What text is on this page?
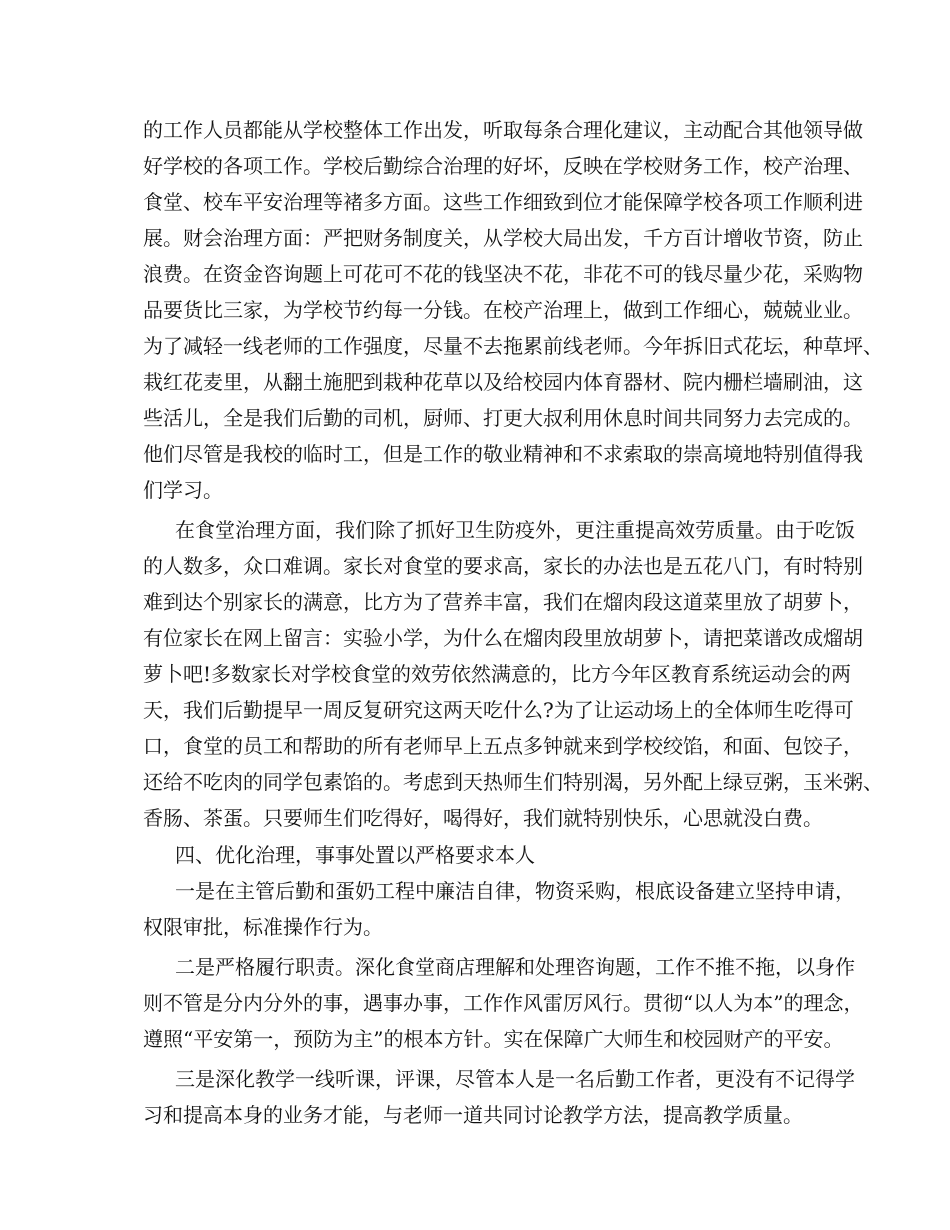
的工作人员都能从学校整体工作出发，听取每条合理化建议，主动配合其他领导做
好学校的各项工作。学校后勤综合治理的好坏，反映在学校财务工作，校产治理、
食堂、校车平安治理等褚多方面。这些工作细致到位才能保障学校各项工作顺利进
展。财会治理方面：严把财务制度关，从学校大局出发，千方百计增收节资，防止
浪费。在资金咨询题上可花可不花的钱坚决不花，非花不可的钱尽量少花，采购物
品要货比三家，为学校节约每一分钱。在校产治理上，做到工作细心，兢兢业业。
为了减轻一线老师的工作强度，尽量不去拖累前线老师。今年拆旧式花坛，种草坪、
栽红花麦里，从翻土施肥到栽种花草以及给校园内体育器材、院内栅栏墙刷油，这
些活儿，全是我们后勤的司机，厨师、打更大叔利用休息时间共同努力去完成的。
他们尽管是我校的临时工，但是工作的敬业精神和不求索取的崇高境地特别值得我
们学习。
在食堂治理方面，我们除了抓好卫生防疫外，更注重提高效劳质量。由于吃饭
的人数多，众口难调。家长对食堂的要求高，家长的办法也是五花八门，有时特别
难到达个别家长的满意，比方为了营养丰富，我们在熘肉段这道菜里放了胡萝卜，
有位家长在网上留言：实验小学，为什么在熘肉段里放胡萝卜，请把菜谱改成熘胡
萝卜吧!多数家长对学校食堂的效劳依然满意的，比方今年区教育系统运动会的两
天，我们后勤提早一周反复研究这两天吃什么?为了让运动场上的全体师生吃得可
口，食堂的员工和帮助的所有老师早上五点多钟就来到学校绞馅，和面、包饺子，
还给不吃肉的同学包素馅的。考虑到天热师生们特别渴，另外配上绿豆粥，玉米粥、
香肠、茶蛋。只要师生们吃得好，喝得好，我们就特别快乐，心思就没白费。
四、优化治理，事事处置以严格要求本人
一是在主管后勤和蛋奶工程中廉洁自律，物资采购，根底设备建立坚持申请，
权限审批，标准操作行为。
二是严格履行职责。深化食堂商店理解和处理咨询题，工作不推不拖，以身作
则不管是分内分外的事，遇事办事，工作作风雷厉风行。贯彻“以人为本”的理念，
遵照“平安第一，预防为主”的根本方针。实在保障广大师生和校园财产的平安。
三是深化教学一线听课，评课，尽管本人是一名后勤工作者，更没有不记得学
习和提高本身的业务才能，与老师一道共同讨论教学方法，提高教学质量。
